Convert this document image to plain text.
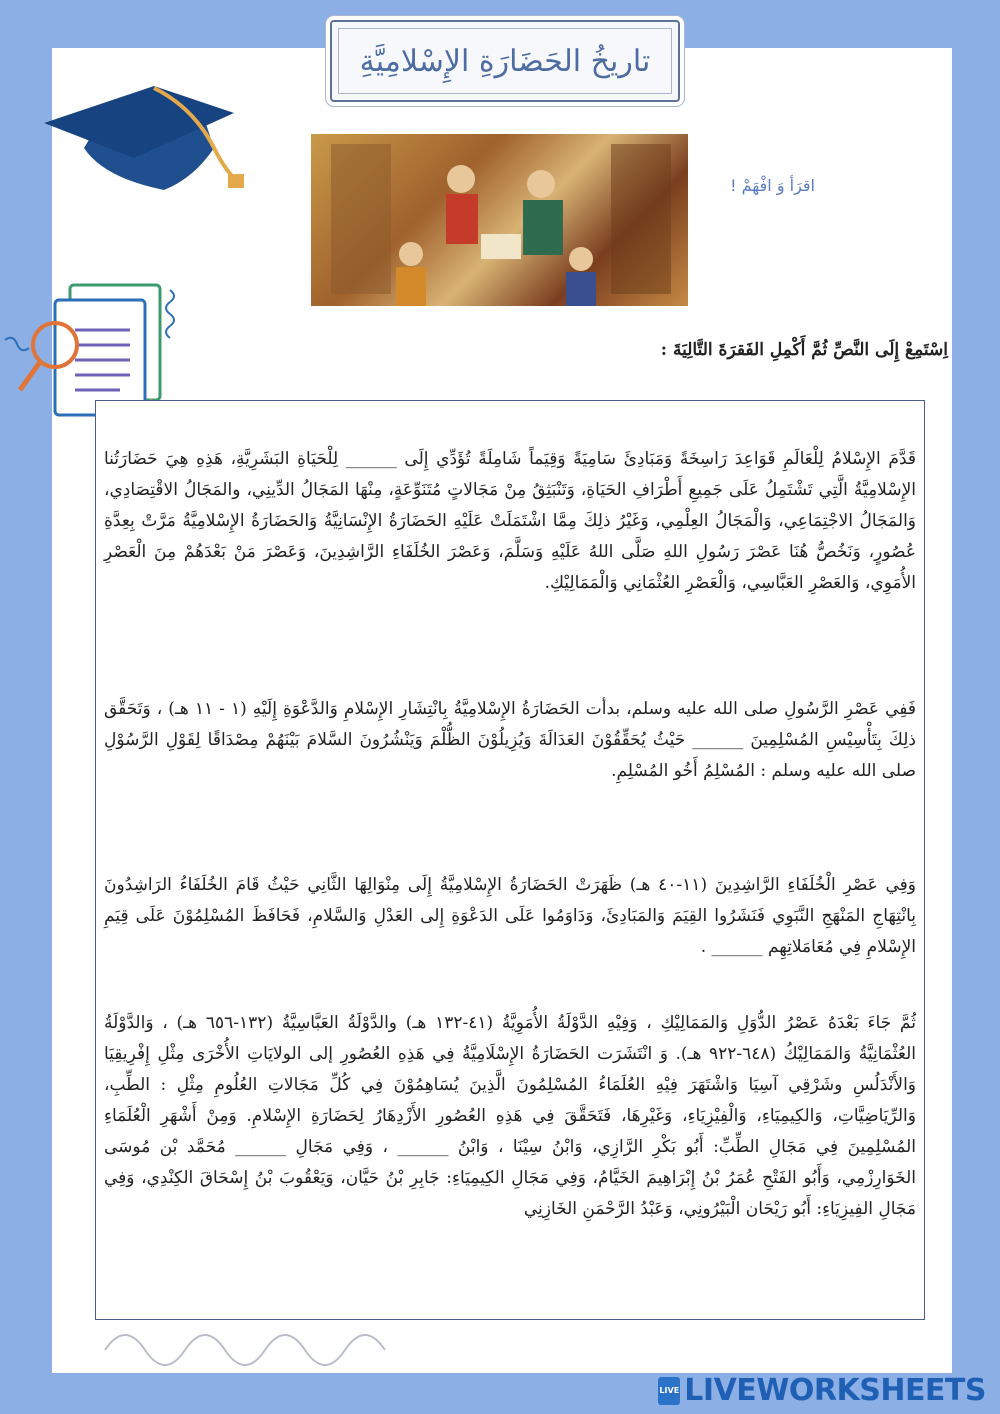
تاريخُ الحَضَارَةِ الإِسْلامِيَّةِ
اقرَأ وَ افْهَمْ !
اِسْتَمِعْ إِلَى النَّصِّ ثُمَّ أَكْمِلِ الفَقرَةَ التَّالِيَةَ :

قَدَّمَ الإِسْلامُ لِلْعَالَمِ قَوَاعِدَ رَاسِخَةً وَمَبَادِئَ سَامِيَةً وَقِيَماً شَامِلَةً تُؤَدِّي إِلَى ______ لِلْحَيَاةِ البَشَرِيَّةِ، هَذِهِ هِيَ حَضَارَتُنا الإِسْلامِيَّةُ الَّتِي تَشْتَمِلُ عَلَى جَمِيعِ أَطْرَافِ الحَيَاةِ، وَتَنْبَثِقُ مِنْ مَجَالاتٍ مُتَنَوِّعَةٍ، مِنْهَا المَجَالُ الدِّينِي، والمَجَالُ الاقْتِصَادِي، وَالمَجَالُ الاجْتِمَاعِي، وَالْمَجَالُ العِلْمِي، وَغَيْرُ ذلِكَ مِمَّا اشْتَمَلَتْ عَلَيْهِ الحَضَارَةُ الإِنْسَانِيَّةُ وَالحَضَارَةُ الإِسْلامِيَّةُ مَرَّتْ بِعِدَّةِ عُصُورٍ، وَنَخُصُّ هُنَا عَصْرَ رَسُولِ اللهِ صَلَّى اللهُ عَلَيْهِ وَسَلَّمَ، وَعَصْرَ الخُلَفَاءِ الرَّاشِدِينَ، وَعَصْرَ مَنْ بَعْدَهُمْ مِنَ الْعَصْرِ الأُمَوِي، وَالعَصْرِ العَبَّاسِي، وَالْعَصْرِ العُثْمَانِي وَالْمَمَالِيْكِ.

فَفِي عَصْرِ الرَّسُولِ صلى الله عليه وسلم، بدأت الحَضَارَةُ الإِسْلامِيَّةُ بِانْتِشَارِ الإِسْلامِ وَالدَّعْوَةِ إِلَيْهِ (١ - ١١ هـ) ، وَتَحَقَّق ذلِكَ بِتَأْسِيْسِ المُسْلِمِينَ ______ حَيْثُ يُحَقِّقُوْنَ العَدَالَةَ وَيُزِيلُوْنَ الظُّلْمَ وَيَنْشُرُونَ السَّلامَ بَيْنَهُمْ مِصْدَاقًا لِقَوْلِ الرَّسُوْلِ صلى الله عليه وسلم : المُسْلِمُ أَخُو المُسْلِمِ.

وَفِي عَصْرِ الْخُلَفَاءِ الرَّاشِدِينَ (١١-٤٠ هـ) ظَهَرَتْ الحَضَارَةُ الإِسْلامِيَّةُ إِلَى مِنْوَالِهَا الثَّانِي حَيْثُ قَامَ الخُلَفَاءُ الرَاشِدُونَ بِانْتِهَاجِ المَنْهَجِ النَّبَوِي فَنَشَرُوا القِيَمَ وَالمَبَادِئَ، وَدَاوَمُوا عَلَى الدَعْوَةِ إِلى العَدْلِ وَالسَّلامِ، فَحَافَظَ المُسْلِمُوْنَ عَلَى قِيَمِ الإِسْلامِ فِي مُعَامَلاتِهِم ______ .

ثُمَّ جَاءَ بَعْدَهُ عَصْرُ الدُّوَلِ وَالمَمَالِيْكِ ، وَفِيْهِ الدَّوْلَةُ الأُمَوِيَّةُ (٤١-١٣٢ هـ) والدَّوْلَةُ العَبَّاسِيَّةُ (١٣٢-٦٥٦ هـ) ، وَالدَّوْلَةُ العُثْمَانِيَّةُ وَالمَمَالِيْكُ (٦٤٨-٩٢٢ هـ). وَ انْتَشَرَت الحَضَارَةُ الإِسْلَامِيَّةُ فِي هَذِهِ العُصُورِ إلى الولايَاتِ الأُخْرَى مِثْلِ إِفْرِيقِيَا وَالأَنْدَلُسِ وشَرْقِي آسِيَا وَاشْتَهَرَ فِيْهِ العُلَمَاءُ المُسْلِمُونَ الَّذِينَ يُسَاهِمُوْنَ فِي كُلِّ مَجَالاتِ العُلُومِ مِثْلِ : الطِّبِ، وَالرِّيَاضِيَّاتِ، وَالكِيمِيَاءِ، وَالْفِيْزِيَاءِ، وَغَيْرِهَا، فَتَحَقَّقَ فِي هَذِهِ العُصُورِ الأَزْدِهَارُ لِحَضَارَةِ الإِسْلامِ. وَمِنْ أَشْهَرِ الْعُلَمَاءِ المُسْلِمِينَ فِي مَجَالِ الطِّبِّ: أَبُو بَكْرِ الرَّازِي، وَابْنُ سِيْنَا ، وَابْنُ ______ ، وَفِي مَجَالِ ______ مُحَمَّد بْن مُوسَى الخَوَارِزْمِي، وَأَبُو الفَتْحِ عُمَرُ بْنُ إِبْرَاهِيمَ الخَيَّامُ، وَفِي مَجَالِ الكِيمِيَاءِ: جَابِرِ بْنُ حَيَّان، وَيَعْقُوبَ بْنُ إِسْحَاقَ الكِنْدِي، وَفِي مَجَالِ الفِيزِيَاءِ: أَبُو رَيْحَان الْبَيْرُونِي، وَعَبْدُ الرَّحْمَنِ الخَازِنِي

LIVE LIVEWORKSHEETS
